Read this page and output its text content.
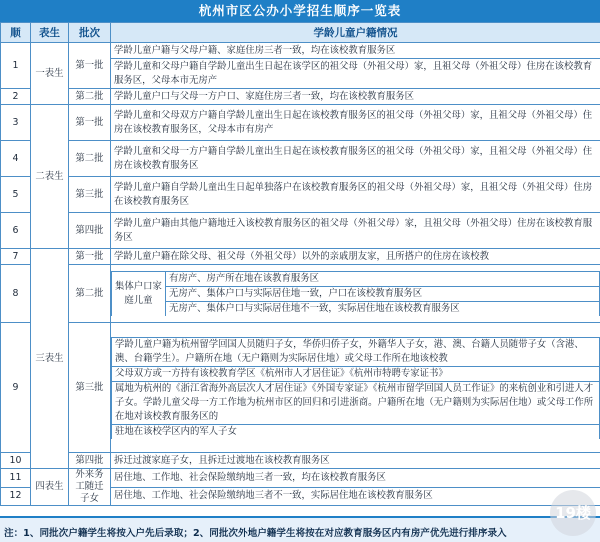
杭州市区公办小学招生顺序一览表
顺	表生	批次	学龄儿童户籍情况
1	一表生	第一批	学龄儿童户籍与父母户籍、家庭住房三者一致，均在该校教育服务区
学龄儿童和父母户籍自学龄儿童出生日起在该学区的祖父母（外祖父母）家，且祖父母（外祖父母）住房在该校教育服务区，父母本市无房产
2	第二批	学龄儿童户口与父母一方户口、家庭住房三者一致，均在该校教育服务区
3	二表生	第一批	学龄儿童和父母双方户籍自学龄儿童出生日起在该校教育服务区的祖父母（外祖父母）家，且祖父母（外祖父母）住房在该校教育服务区，父母本市有房产
4	第二批	学龄儿童和父母一方户籍自学龄儿童出生日起在该校教育服务区的祖父母（外祖父母）家，且祖父母（外祖父母）住房在该校教育服务区
5	第三批	学龄儿童户籍自学龄儿童出生日起单独落户在该校教育服务区的祖父母（外祖父母）家，且祖父母（外祖父母）住房在该校教育服务区
6	第四批	学龄儿童户籍由其他户籍地迁入该校教育服务区的祖父母（外祖父母）家，且祖父母（外祖父母）住房在该校教育服务区
7	三表生	第一批	学龄儿童户籍在除父母、祖父母（外祖父母）以外的亲戚朋友家，且所搭户的住房在该校教
8	第二批	
集体户口家庭儿童	有房产、房产所在地在该教育服务区
无房产、集体户口与实际居住地一致，户口在该校教育服务区
无房产、集体户口与实际居住地不一致，实际居住地在该校教育服务区

9	第三批	
学龄儿童户籍为杭州留学回国人员随归子女，华侨归侨子女，外籍华人子女，港、澳、台籍人员随带子女（含港、澳、台籍学生）。户籍所在地（无户籍则为实际居住地）或父母工作所在地该校教
父母双方或一方持有该校教育学区《杭州市人才居住证》《杭州市特聘专家证书》
属地为杭州的《浙江省海外高层次人才居住证》《外国专家证》《杭州市留学回国人员工作证》的来杭创业和引进人才子女。学龄儿童父母一方工作地为杭州市区的回归和引进浙商。户籍所在地（无户籍则为实际居住地）或父母工作所在地对该校教育服务区的
驻地在该校学区内的军人子女

10	第四批	拆迁过渡家庭子女，且拆迁过渡地在该校教育服务区
11	四表生	外来务工随迁子女	居住地、工作地、社会保险缴纳地三者一致，均在该校教育服务区
12	居住地、工作地、社会保险缴纳地三者不一致，实际居住地在该校教育服务区
注：1、同批次户籍学生将按入户先后录取；2、同批次外地户籍学生将按在对应教育服务区内有房产优先进行排序录入
19楼
